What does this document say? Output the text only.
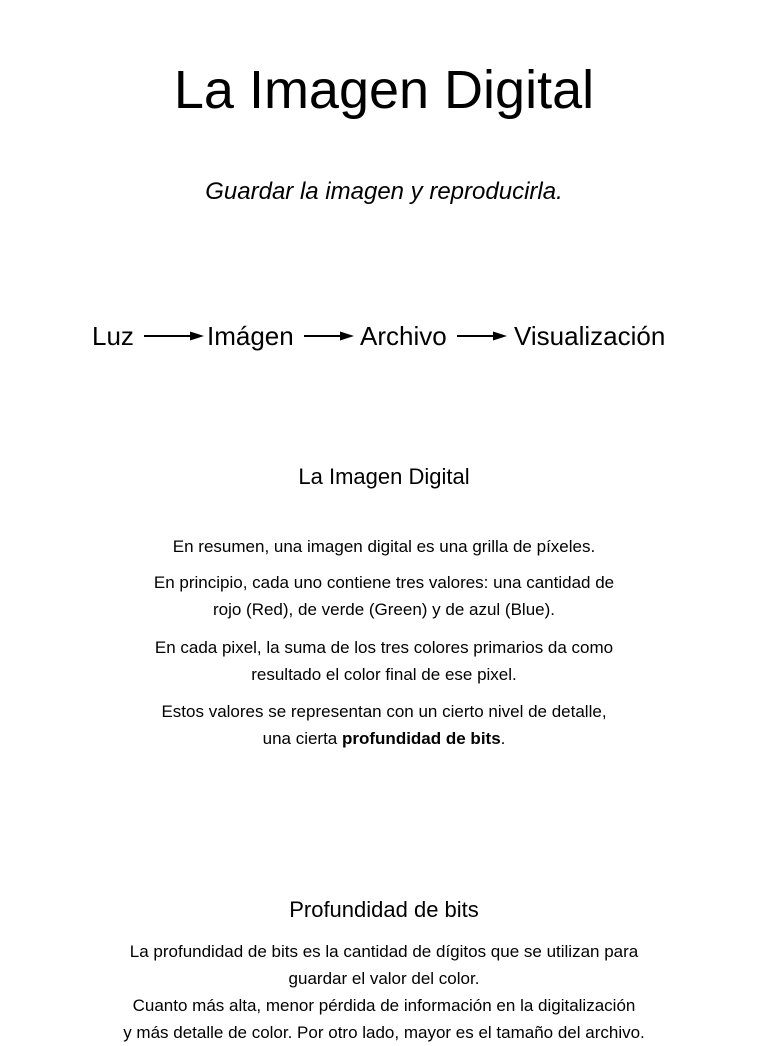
La Imagen Digital

Guardar la imagen y reproducirla.

Luz	Imágen	Archivo	Visualización
La Imagen Digital

En resumen, una imagen digital es una grilla de píxeles.

En principio, cada uno contiene tres valores: una cantidad de
rojo (Red), de verde (Green) y de azul (Blue).

En cada pixel, la suma de los tres colores primarios da como
resultado el color final de ese pixel.

Estos valores se representan con un cierto nivel de detalle,
una cierta profundidad de bits.

Profundidad de bits

La profundidad de bits es la cantidad de dígitos que se utilizan para
guardar el valor del color.
Cuanto más alta, menor pérdida de información en la digitalización
y más detalle de color. Por otro lado, mayor es el tamaño del archivo.
